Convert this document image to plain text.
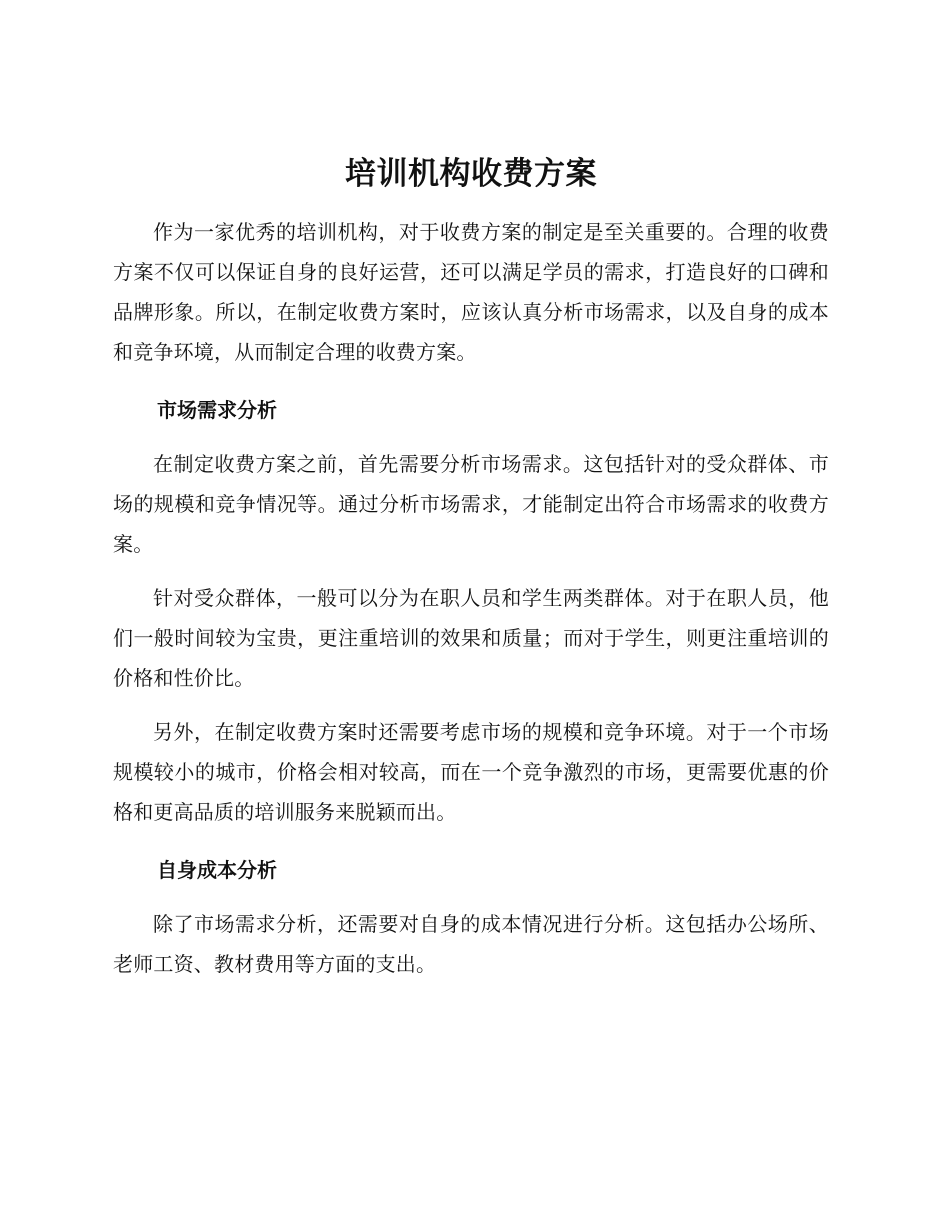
培训机构收费方案

作为一家优秀的培训机构，对于收费方案的制定是至关重要的。合理的收费方案不仅可以保证自身的良好运营，还可以满足学员的需求，打造良好的口碑和品牌形象。所以，在制定收费方案时，应该认真分析市场需求，以及自身的成本和竞争环境，从而制定合理的收费方案。

市场需求分析

在制定收费方案之前，首先需要分析市场需求。这包括针对的受众群体、市场的规模和竞争情况等。通过分析市场需求，才能制定出符合市场需求的收费方案。

针对受众群体，一般可以分为在职人员和学生两类群体。对于在职人员，他们一般时间较为宝贵，更注重培训的效果和质量；而对于学生，则更注重培训的价格和性价比。

另外，在制定收费方案时还需要考虑市场的规模和竞争环境。对于一个市场规模较小的城市，价格会相对较高，而在一个竞争激烈的市场，更需要优惠的价格和更高品质的培训服务来脱颖而出。

自身成本分析

除了市场需求分析，还需要对自身的成本情况进行分析。这包括办公场所、老师工资、教材费用等方面的支出。
